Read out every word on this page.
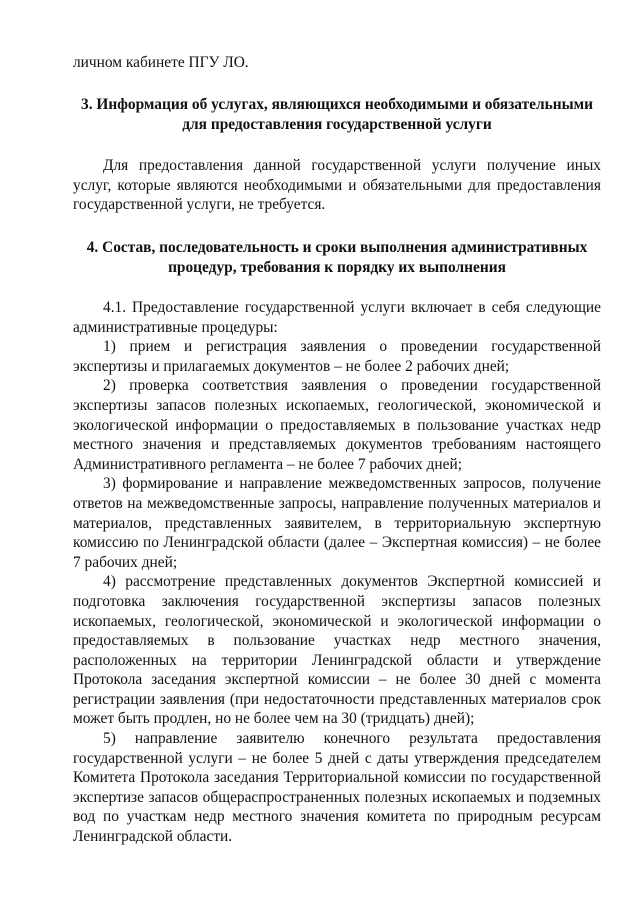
личном кабинете ПГУ ЛО.

3. Информация об услугах, являющихся необходимыми и обязательными

для предоставления государственной услуги

Для предоставления данной государственной услуги получение иных услуг, которые являются необходимыми и обязательными для предоставления государственной услуги, не требуется.

4. Состав, последовательность и сроки выполнения административных

процедур, требования к порядку их выполнения

4.1. Предоставление государственной услуги включает в себя следующие административные процедуры:

1) прием и регистрация заявления о проведении государственной экспертизы и прилагаемых документов – не более 2 рабочих дней;

2) проверка соответствия заявления о проведении государственной экспертизы запасов полезных ископаемых, геологической, экономической и экологической информации о предоставляемых в пользование участках недр местного значения и представляемых документов требованиям настоящего Административного регламента – не более 7 рабочих дней;

3) формирование и направление межведомственных запросов, получение ответов на межведомственные запросы, направление полученных материалов и материалов, представленных заявителем, в территориальную экспертную комиссию по Ленинградской области (далее – Экспертная комиссия) – не более 7 рабочих дней;

4) рассмотрение представленных документов Экспертной комиссией и подготовка заключения государственной экспертизы запасов полезных ископаемых, геологической, экономической и экологической информации о предоставляемых в пользование участках недр местного значения, расположенных на территории Ленинградской области и утверждение Протокола заседания экспертной комиссии – не более 30 дней с момента регистрации заявления (при недостаточности представленных материалов срок может быть продлен, но не более чем на 30 (тридцать) дней);

5) направление заявителю конечного результата предоставления государственной услуги – не более 5 дней с даты утверждения председателем Комитета Протокола заседания Территориальной комиссии по государственной экспертизе запасов общераспространенных полезных ископаемых и подземных вод по участкам недр местного значения комитета по природным ресурсам Ленинградской области.
